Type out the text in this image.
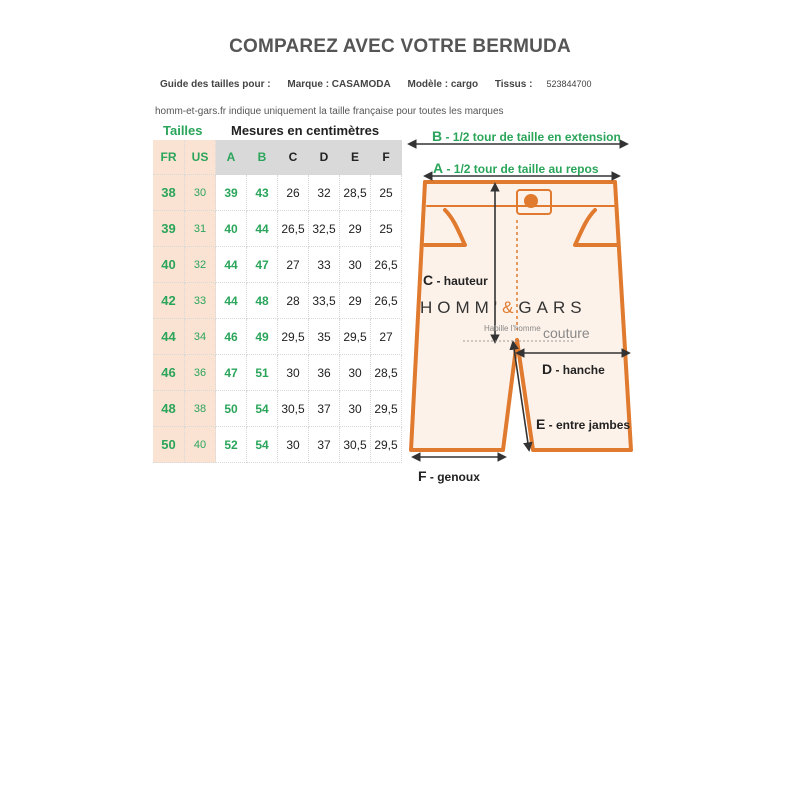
COMPAREZ AVEC VOTRE BERMUDA
Guide des tailles pour : Marque : CASAMODA Modèle : cargo Tissus : 523844700
homm-et-gars.fr indique uniquement la taille française pour toutes les marques
Tailles Mesures en centimètres
FR	US	A	B	C	D	E	F
38	30	39	43	26	32	28,5	25
39	31	40	44	26,5	32,5	29	25
40	32	44	47	27	33	30	26,5
42	33	44	48	28	33,5	29	26,5
44	34	46	49	29,5	35	29,5	27
46	36	47	51	30	36	30	28,5
48	38	50	54	30,5	37	30	29,5
50	40	52	54	30	37	30,5	29,5
B - 1/2 tour de taille en extension
A - 1/2 tour de taille au repos
C - hauteur
D - hanche
E - entre jambes
F - genoux
HOMM'&GARS
Habille l'homme couture
